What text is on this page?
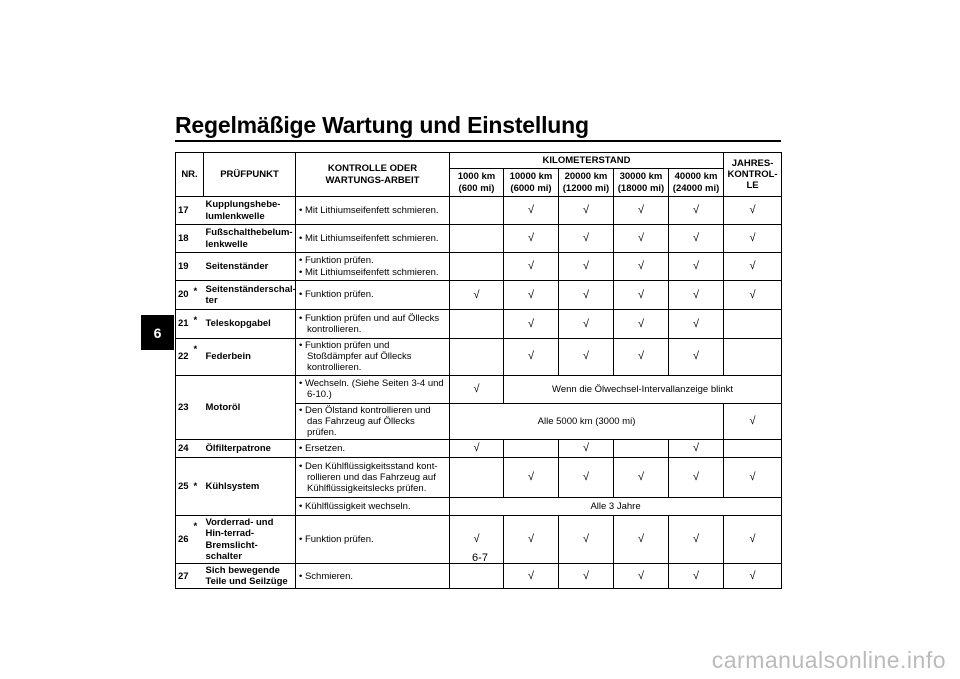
Regelmäßige Wartung und Einstellung
6
NR.		PRÜFPUNKT	KONTROLLE ODER WARTUNGS-ARBEIT	KILOMETERSTAND					JAHRES-KONTROL-LE
				1000 km (600 mi)	10000 km (6000 mi)	20000 km (12000 mi)	30000 km (18000 mi)	40000 km (24000 mi)	
17		Kupplungshebe-lumlenkwelle	• Mit Lithiumseifenfett schmieren.		√	√	√	√	√
18		Fußschalthebelum-lenkwelle	• Mit Lithiumseifenfett schmieren.		√	√	√	√	√
19		Seitenständer	• Funktion prüfen.
• Mit Lithiumseifenfett schmieren.		√	√	√	√	√
20	*	Seitenständerschal-ter	• Funktion prüfen.	√	√	√	√	√	√
21	*	Teleskopgabel	• Funktion prüfen und auf Öllecks kontrollieren.		√	√	√	√	
22	*	Federbein	• Funktion prüfen und Stoßdämpfer auf Öllecks kontrollieren.		√	√	√	√	
23		Motoröl	• Wechseln. (Siehe Seiten 3-4 und 6-10.)	√	Wenn die Ölwechsel-Intervallanzeige blinkt				

			• Den Ölstand kontrollieren und das Fahrzeug auf Öllecks prüfen.	Alle 5000 km (3000 mi)					√
24		Ölfilterpatrone	• Ersetzen.	√		√		√	
25	*	Kühlsystem	• Den Kühlflüssigkeitsstand kont-rollieren und das Fahrzeug auf Kühlflüssigkeitslecks prüfen.		√	√	√	√	√

			• Kühlflüssigkeit wechseln.	Alle 3 Jahre					
26	*	Vorderrad- und Hin-terrad-Bremslicht-schalter	• Funktion prüfen.	√	√	√	√	√	√
27		Sich bewegende Teile und Seilzüge	• Schmieren.		√	√	√	√	√
6-7
carmanualsonline.info
